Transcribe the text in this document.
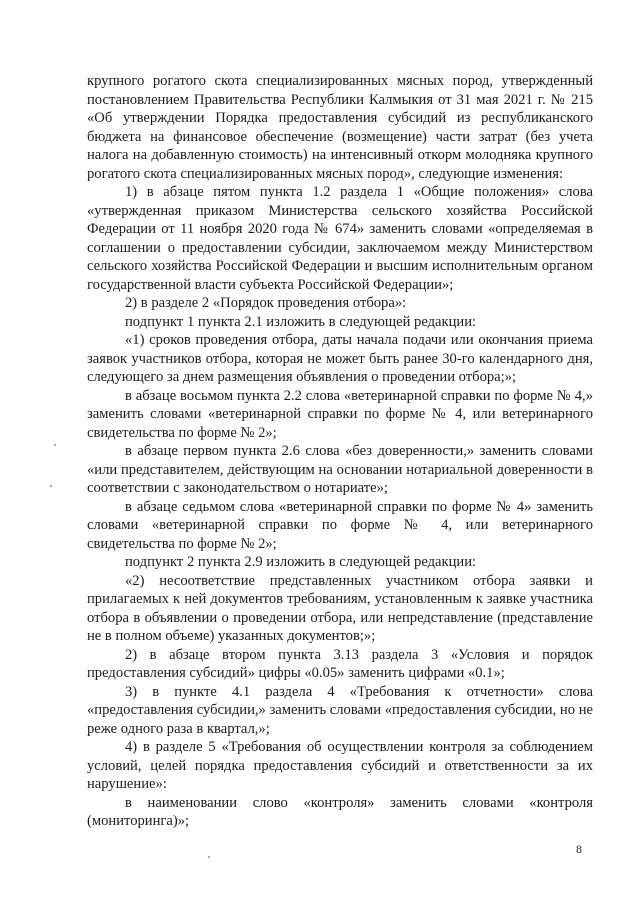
крупного рогатого скота специализированных мясных пород, утвержденный постановлением Правительства Республики Калмыкия от 31 мая 2021 г. № 215 «Об утверждении Порядка предоставления субсидий из республиканского бюджета на финансовое обеспечение (возмещение) части затрат (без учета налога на добавленную стоимость) на интенсивный откорм молодняка крупного рогатого скота специализированных мясных пород», следующие изменения:

1) в абзаце пятом пункта 1.2 раздела 1 «Общие положения» слова «утвержденная приказом Министерства сельского хозяйства Российской Федерации от 11 ноября 2020 года № 674» заменить словами «определяемая в соглашении о предоставлении субсидии, заключаемом между Министерством сельского хозяйства Российской Федерации и высшим исполнительным органом государственной власти субъекта Российской Федерации»;

2) в разделе 2 «Порядок проведения отбора»:

подпункт 1 пункта 2.1 изложить в следующей редакции:

«1) сроков проведения отбора, даты начала подачи или окончания приема заявок участников отбора, которая не может быть ранее 30-го календарного дня, следующего за днем размещения объявления о проведении отбора;»;

в абзаце восьмом пункта 2.2 слова «ветеринарной справки по форме № 4,» заменить словами «ветеринарной справки по форме № 4, или ветеринарного свидетельства по форме № 2»;

в абзаце первом пункта 2.6 слова «без доверенности,» заменить словами «или представителем, действующим на основании нотариальной доверенности в соответствии с законодательством о нотариате»;

в абзаце седьмом слова «ветеринарной справки по форме № 4» заменить словами «ветеринарной справки по форме № 4, или ветеринарного свидетельства по форме № 2»;

подпункт 2 пункта 2.9 изложить в следующей редакции:

«2) несоответствие представленных участником отбора заявки и прилагаемых к ней документов требованиям, установленным к заявке участника отбора в объявлении о проведении отбора, или непредставление (представление не в полном объеме) указанных документов;»;

2) в абзаце втором пункта 3.13 раздела 3 «Условия и порядок предоставления субсидий» цифры «0.05» заменить цифрами «0.1»;

3) в пункте 4.1 раздела 4 «Требования к отчетности» слова «предоставления субсидии,» заменить словами «предоставления субсидии, но не реже одного раза в квартал,»;

4) в разделе 5 «Требования об осуществлении контроля за соблюдением условий, целей порядка предоставления субсидий и ответственности за их нарушение»:

в наименовании слово «контроля» заменить словами «контроля (мониторинга)»;

8
